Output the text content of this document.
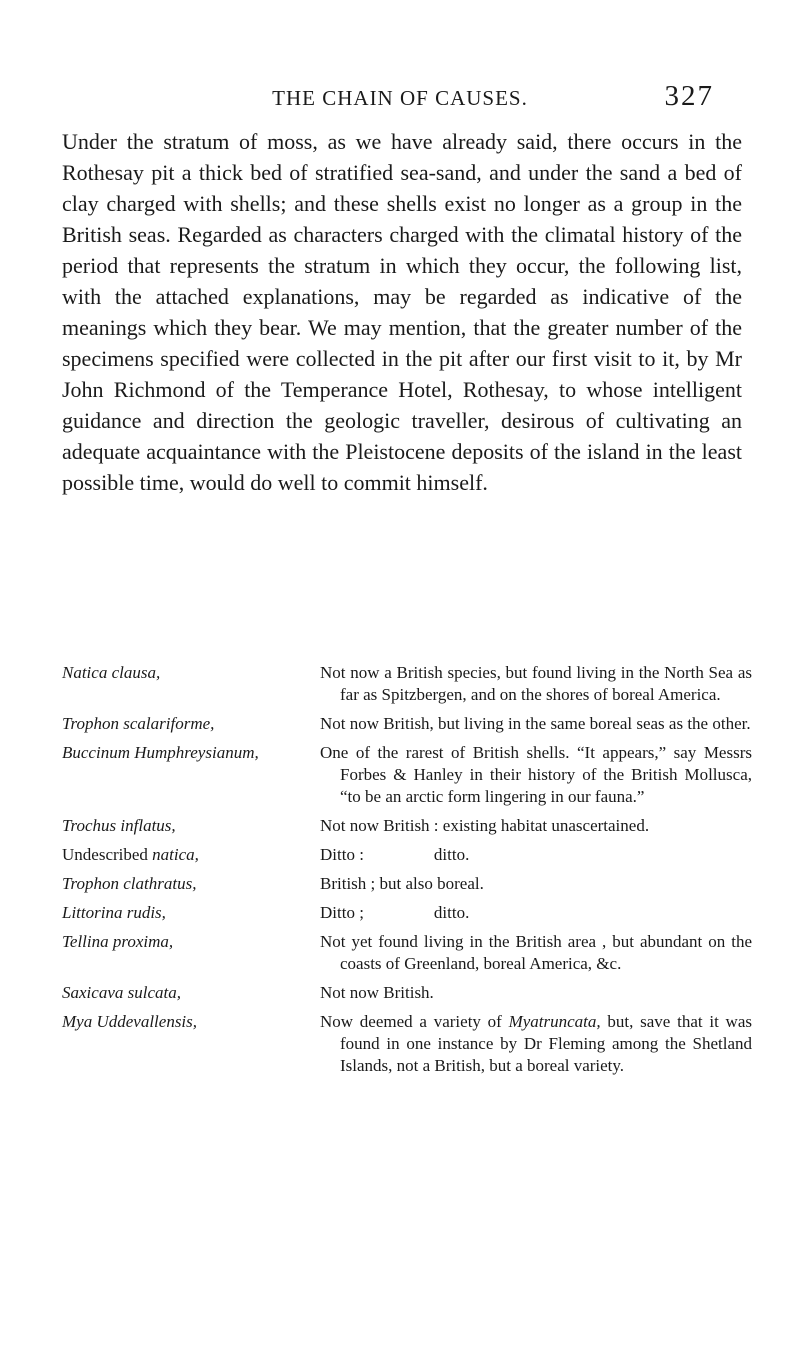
THE CHAIN OF CAUSES.	327

Under the stratum of moss, as we have already said, there occurs in the Rothesay pit a thick bed of stratified sea-sand, and under the sand a bed of clay charged with shells; and these shells exist no longer as a group in the British seas. Regarded as characters charged with the climatal history of the period that represents the stratum in which they occur, the following list, with the attached explanations, may be regarded as indicative of the meanings which they bear. We may mention, that the greater number of the specimens specified were collected in the pit after our first visit to it, by Mr John Richmond of the Temperance Hotel, Rothesay, to whose intelligent guidance and direction the geologic traveller, desirous of cultivating an adequate acquaintance with the Pleistocene deposits of the island in the least possible time, would do well to commit himself.

Natica clausa,	Not now a British species, but found living in the North Sea as far as Spitzbergen, and on the shores of boreal America.
Trophon scalariforme,	Not now British, but living in the same boreal seas as the other.
Buccinum Humphreysianum,	One of the rarest of British shells. “It appears,” say Messrs Forbes & Hanley in their history of the British Mollusca, “to be an arctic form lingering in our fauna.”
Trochus inflatus,	Not now British : existing habitat unascertained.
Undescribed natica,	Ditto :	ditto.
Trophon clathratus,	British ; but also boreal.
Littorina rudis,	Ditto ;	ditto.
Tellina proxima,	Not yet found living in the British area , but abundant on the coasts of Greenland, boreal America, &c.
Saxicava sulcata,	Not now British.
Mya Uddevallensis,	Now deemed a variety of Myatruncata, but, save that it was found in one instance by Dr Fleming among the Shetland Islands, not a British, but a boreal variety.
